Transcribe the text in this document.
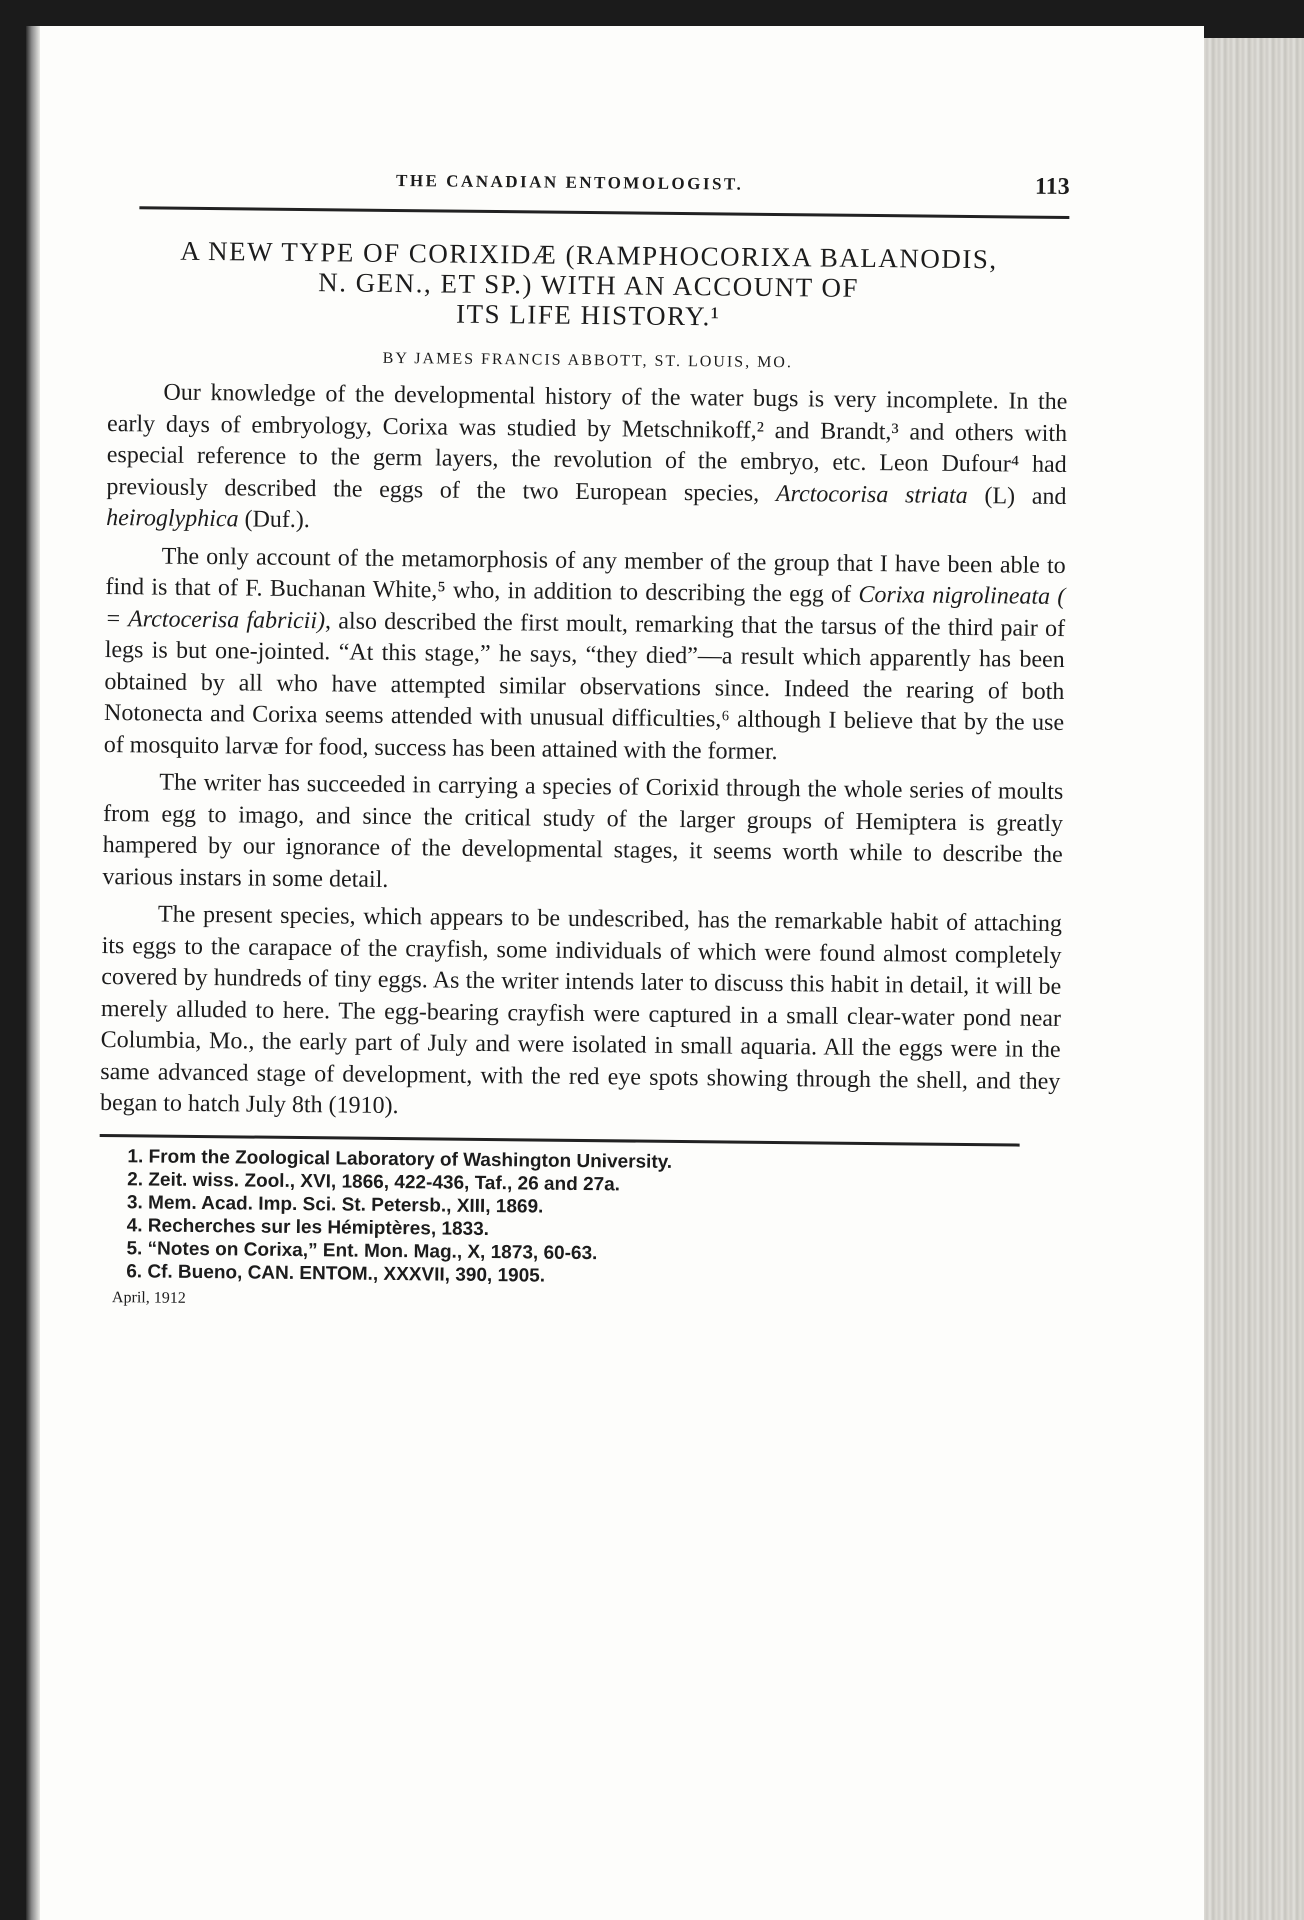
THE CANADIAN ENTOMOLOGIST.	113
A NEW TYPE OF CORIXIDÆ (RAMPHOCORIXA BALANODIS,
N. GEN., ET SP.) WITH AN ACCOUNT OF
ITS LIFE HISTORY.¹
BY JAMES FRANCIS ABBOTT, ST. LOUIS, MO.

Our knowledge of the developmental history of the water bugs is very incomplete. In the early days of embryology, Corixa was studied by Metschnikoff,² and Brandt,³ and others with especial reference to the germ layers, the revolution of the embryo, etc. Leon Dufour⁴ had previously described the eggs of the two European species, Arctocorisa striata (L) and heiroglyphica (Duf.).

The only account of the metamorphosis of any member of the group that I have been able to find is that of F. Buchanan White,⁵ who, in addition to describing the egg of Corixa nigrolineata ( = Arctocerisa fabricii), also described the first moult, remarking that the tarsus of the third pair of legs is but one-jointed. “At this stage,” he says, “they died”—a result which apparently has been obtained by all who have attempted similar observations since. Indeed the rearing of both Notonecta and Corixa seems attended with unusual difficulties,⁶ although I believe that by the use of mosquito larvæ for food, success has been attained with the former.

The writer has succeeded in carrying a species of Corixid through the whole series of moults from egg to imago, and since the critical study of the larger groups of Hemiptera is greatly hampered by our ignorance of the developmental stages, it seems worth while to describe the various instars in some detail.

The present species, which appears to be undescribed, has the remarkable habit of attaching its eggs to the carapace of the crayfish, some individuals of which were found almost completely covered by hundreds of tiny eggs. As the writer intends later to discuss this habit in detail, it will be merely alluded to here. The egg-bearing crayfish were captured in a small clear-water pond near Columbia, Mo., the early part of July and were isolated in small aquaria. All the eggs were in the same advanced stage of development, with the red eye spots showing through the shell, and they began to hatch July 8th (1910).

1. From the Zoological Laboratory of Washington University.
2. Zeit. wiss. Zool., XVI, 1866, 422-436, Taf., 26 and 27a.
3. Mem. Acad. Imp. Sci. St. Petersb., XIII, 1869.
4. Recherches sur les Hémiptères, 1833.
5. “Notes on Corixa,” Ent. Mon. Mag., X, 1873, 60-63.
6. Cf. Bueno, CAN. ENTOM., XXXVII, 390, 1905.
April, 1912
